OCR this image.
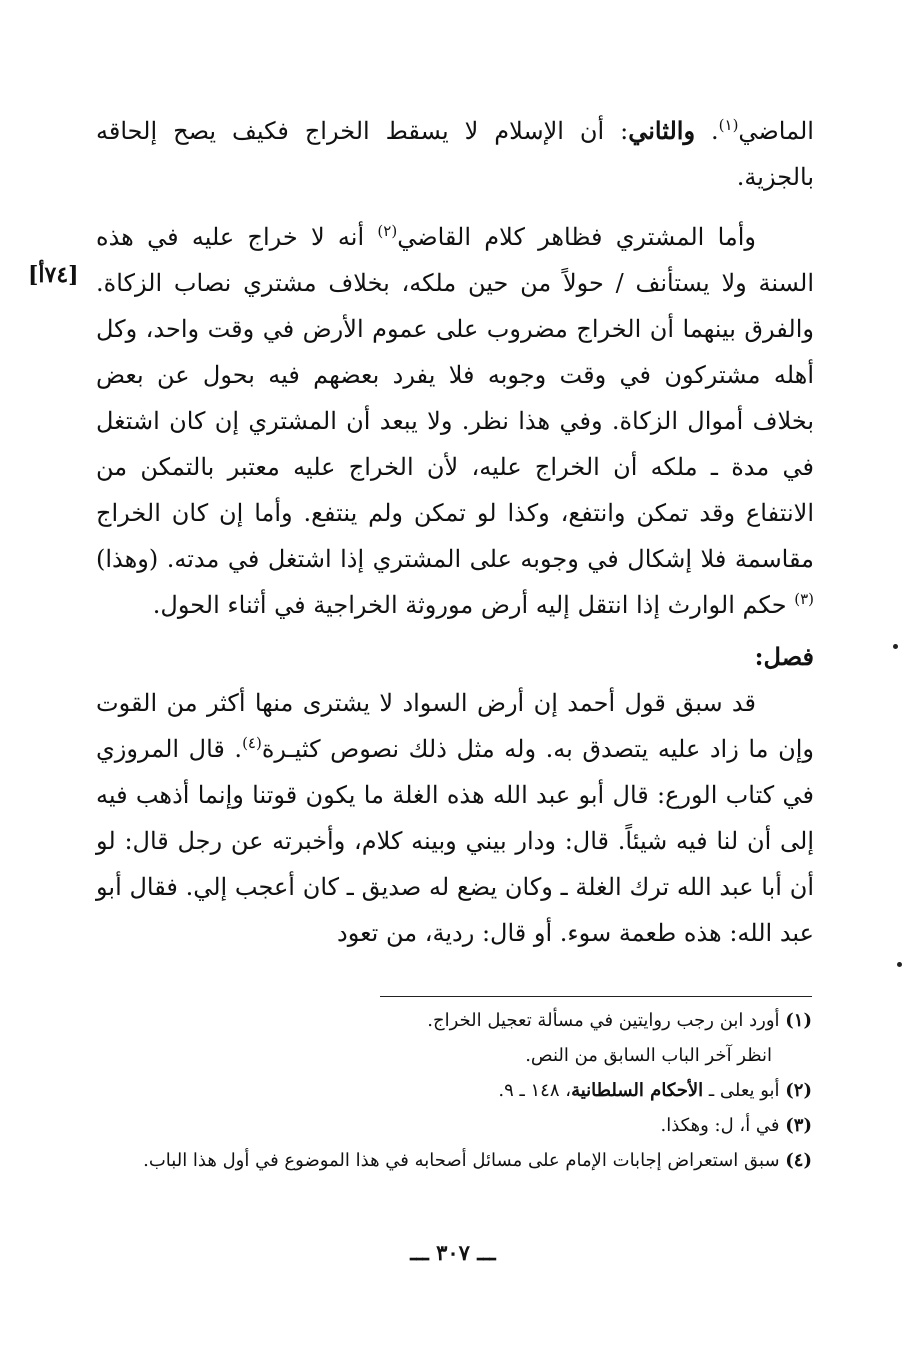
[٧٤أ]

الماضي$^{(١)}$. والثاني: أن الإسلام لا يسقط الخراج فكيف يصح إلحاقه بالجزية.

وأما المشتري فظاهر كلام القاضي$^{(٢)}$ أنه لا خراج عليه في هذه السنة ولا يستأنف / حولاً من حين ملكه، بخلاف مشتري نصاب الزكاة. والفرق بينهما أن الخراج مضروب على عموم الأرض في وقت واحد، وكل أهله مشتركون في وقت وجوبه فلا يفرد بعضهم فيه بحول عن بعض بخلاف أموال الزكاة. وفي هذا نظر. ولا يبعد أن المشتري إن كان اشتغل في مدة ـ ملكه أن الخراج عليه، لأن الخراج عليه معتبر بالتمكن من الانتفاع وقد تمكن وانتفع، وكذا لو تمكن ولم ينتفع. وأما إن كان الخراج مقاسمة فلا إشكال في وجوبه على المشتري إذا اشتغل في مدته. (وهذا)$^{(٣)}$ حكم الوارث إذا انتقل إليه أرض موروثة الخراجية في أثناء الحول.

فصل:

قد سبق قول أحمد إن أرض السواد لا يشترى منها أكثر من القوت وإن ما زاد عليه يتصدق به. وله مثل ذلك نصوص كثيـرة$^{(٤)}$. قال المروزي في كتاب الورع: قال أبو عبد الله هذه الغلة ما يكون قوتنا وإنما أذهب فيه إلى أن لنا فيه شيئاً. قال: ودار بيني وبينه كلام، وأخبرته عن رجل قال: لو أن أبا عبد الله ترك الغلة ـ وكان يضع له صديق ـ كان أعجب إلي. فقال أبو عبد الله: هذه طعمة سوء. أو قال: ردية، من تعود

(١) أورد ابن رجب روايتين في مسألة تعجيل الخراج.

انظر آخر الباب السابق من النص.

(٢) أبو يعلى ـ الأحكام السلطانية، ١٤٨ ـ ٩.

(٣) في أ، ل: وهكذا.

(٤) سبق استعراض إجابات الإمام على مسائل أصحابه في هذا الموضوع في أول هذا الباب.

ـــ ٣٠٧ ـــ
